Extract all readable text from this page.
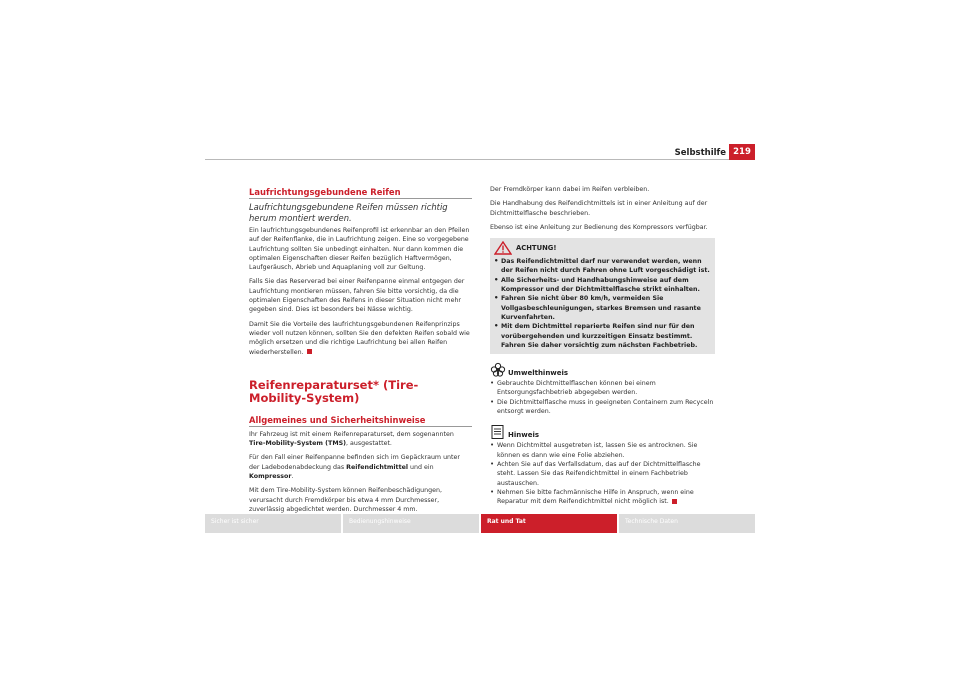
Selbsthilfe 219
Laufrichtungsgebundene Reifen
Laufrichtungsgebundene Reifen müssen richtig herum montiert werden.

Ein laufrichtungsgebundenes Reifenprofil ist erkennbar an den Pfeilen auf der Reifenflanke, die in Laufrichtung zeigen. Eine so vorgegebene Laufrichtung sollten Sie unbedingt einhalten. Nur dann kommen die optimalen Eigenschaften dieser Reifen bezüglich Haftvermögen, Laufgeräusch, Abrieb und Aquaplaning voll zur Geltung.

Falls Sie das Reserverad bei einer Reifenpanne einmal entgegen der Laufrichtung montieren müssen, fahren Sie bitte vorsichtig, da die optimalen Eigenschaften des Reifens in dieser Situation nicht mehr gegeben sind. Dies ist besonders bei Nässe wichtig.

Damit Sie die Vorteile des laufrichtungsgebundenen Reifenprinzips wieder voll nutzen können, sollten Sie den defekten Reifen sobald wie möglich ersetzen und die richtige Laufrichtung bei allen Reifen wiederherstellen.

Reifenreparaturset* (Tire-Mobility-System)
Allgemeines und Sicherheitshinweise

Ihr Fahrzeug ist mit einem Reifenreparaturset, dem sogenannten Tire-Mobility-System (TMS), ausgestattet.

Für den Fall einer Reifenpanne befinden sich im Gepäckraum unter der Ladebodenabdeckung das Reifendichtmittel und ein Kompressor.

Mit dem Tire-Mobility-System können Reifenbeschädigungen, verursacht durch Fremdkörper bis etwa 4 mm Durchmesser, zuverlässig abgedichtet werden. Durchmesser 4 mm.

Der Fremdkörper kann dabei im Reifen verbleiben.

Die Handhabung des Reifendichtmittels ist in einer Anleitung auf der Dichtmittelflasche beschrieben.

Ebenso ist eine Anleitung zur Bedienung des Kompressors verfügbar.

ACHTUNG!
• Das Reifendichtmittel darf nur verwendet werden, wenn der Reifen nicht durch Fahren ohne Luft vorgeschädigt ist.
• Alle Sicherheits- und Handhabungshinweise auf dem Kompressor und der Dichtmittelflasche strikt einhalten.
• Fahren Sie nicht über 80 km/h, vermeiden Sie Vollgasbeschleunigungen, starkes Bremsen und rasante Kurvenfahrten.
• Mit dem Dichtmittel reparierte Reifen sind nur für den vorübergehenden und kurzzeitigen Einsatz bestimmt. Fahren Sie daher vorsichtig zum nächsten Fachbetrieb.
Umwelthinweis
• Gebrauchte Dichtmittelflaschen können bei einem Entsorgungsfachbetrieb abgegeben werden.
• Die Dichtmittelflasche muss in geeigneten Containern zum Recyceln entsorgt werden.
Hinweis
• Wenn Dichtmittel ausgetreten ist, lassen Sie es antrocknen. Sie können es dann wie eine Folie abziehen.
• Achten Sie auf das Verfallsdatum, das auf der Dichtmittelflasche steht. Lassen Sie das Reifendichtmittel in einem Fachbetrieb austauschen.
• Nehmen Sie bitte fachmännische Hilfe in Anspruch, wenn eine Reparatur mit dem Reifendichtmittel nicht möglich ist.
Sicher ist sicher	Bedienungshinweise	Rat und Tat	Technische Daten
